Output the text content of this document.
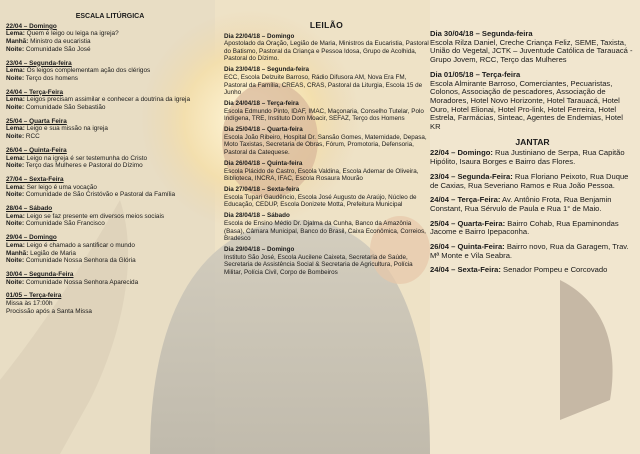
ESCALA LITÚRGICA
22/04 – Domingo
Lema: Quem é leigo ou leiga na igreja?
Manhã: Ministro da eucaristia
Noite: Comunidade São José
23/04 – Segunda-feira
Lema: Os leigos complementam ação dos clérigos
Noite: Terço dos homens
24/04 – Terça-Feira
Lema: Leigos precisam assimilar e conhecer a doutrina da igreja
Noite: Comunidade São Sebastião
25/04 – Quarta Feira
Lema: Leigo e sua missão na igreja
Noite: RCC
26/04 – Quinta-Feira
Lema: Leigo na igreja é ser testemunha do Cristo
Noite: Terço das Mulheres e Pastoral do Dízimo
27/04 – Sexta-Feira
Lema: Ser leigo é uma vocação
Noite: Comunidade de São Cristóvão e Pastoral da Família
28/04 – Sábado
Lema: Leigo se faz presente em diversos meios sociais
Noite: Comunidade São Francisco
29/04 – Domingo
Lema: Leigo é chamado a santificar o mundo
Manhã: Legião de Maria
Noite: Comunidade Nossa Senhora da Glória
30/04 – Segunda-Feira
Noite: Comunidade Nossa Senhora Aparecida
01/05 – Terça-feira
Missa às 17:00h
Procissão após a Santa Missa
LEILÃO
Dia 22/04/18 – Domingo
Apostolado da Oração, Legião de Maria, Ministros da Eucaristia, Pastoral do Batismo, Pastoral da Criança e Pessoa Idosa, Grupo de Acolhida, Pastoral do Dízimo.
Dia 23/04/18 – Segunda-feira
ECC, Escola Delzuite Barroso, Rádio Difusora AM, Nova Era FM, Pastoral da Família, CREAS, CRAS, Pastoral da Liturgia, Escola 15 de Junho
Dia 24/04/18 – Terça-feira
Escola Edmundo Pinto, IDAF, IMAC, Maçonaria, Conselho Tutelar, Polo Indígena, TRE, Instituto Dom Moacir, SEFAZ, Terço dos Homens
Dia 25/04/18 – Quarta-feira
Escola João Ribeiro, Hospital Dr. Sansão Gomes, Maternidade, Depasa, Moto Taxistas, Secretaria de Obras, Fórum, Promotoria, Defensoria, Pastoral da Catequese.
Dia 26/04/18 – Quinta-feira
Escola Plácido de Castro, Escola Valdina, Escola Ademar de Oliveira, Biblioteca, INCRA, IFAC, Escola Rosaura Mourão
Dia 27/04/18 – Sexta-feira
Escola Tupari Gaudêncio, Escola José Augusto de Araújo, Núcleo de Educação, CEDUP, Escola Donizete Motta, Prefeitura Municipal
Dia 28/04/18 – Sábado
Escola de Ensino Médio Dr. Djalma da Cunha, Banco da Amazônia (Basa), Câmara Municipal, Banco do Brasil, Caixa Econômica, Correios, Bradesco
Dia 29/04/18 – Domingo
Instituto São José, Escola Aucilene Caixeta, Secretaria de Saúde, Secretaria de Assistência Social & Secretaria de Agricultura, Polícia Militar, Polícia Civil, Corpo de Bombeiros
Dia 30/04/18 – Segunda-feira
Escola Rilza Daniel, Creche Criança Feliz, SEME, Taxista, União do Vegetal, JCTK – Juventude Católica de Tarauacá - Grupo Jovem, RCC, Terço das Mulheres
Dia 01/05/18 – Terça-feira
Escola Almirante Barroso, Comerciantes, Pecuaristas, Colonos, Associação de pescadores, Associação de Moradores, Hotel Novo Horizonte, Hotel Tarauacá, Hotel Ouro, Hotel Elionai, Hotel Pro-link, Hotel Ferreira, Hotel Estrela, Farmácias, Sinteac, Agentes de Endemias, Hotel KR
JANTAR
22/04 – Domingo: Rua Justiniano de Serpa, Rua Capitão Hipólito, Isaura Borges e Bairro das Flores.
23/04 – Segunda-Feira: Rua Floriano Peixoto, Rua Duque de Caxias, Rua Severiano Ramos e Rua João Pessoa.
24/04 – Terça-Feira: Av. Antônio Frota, Rua Benjamin Constant, Rua Sérvulo de Paula e Rua 1° de Maio.
25/04 – Quarta-Feira: Bairro Cohab, Rua Epaminondas Jacome e Bairro Ipepaconha.
26/04 – Quinta-Feira: Bairro novo, Rua da Garagem, Trav. Mª Monte e Vila Seabra.
24/04 – Sexta-Feira: Senador Pompeu e Corcovado
